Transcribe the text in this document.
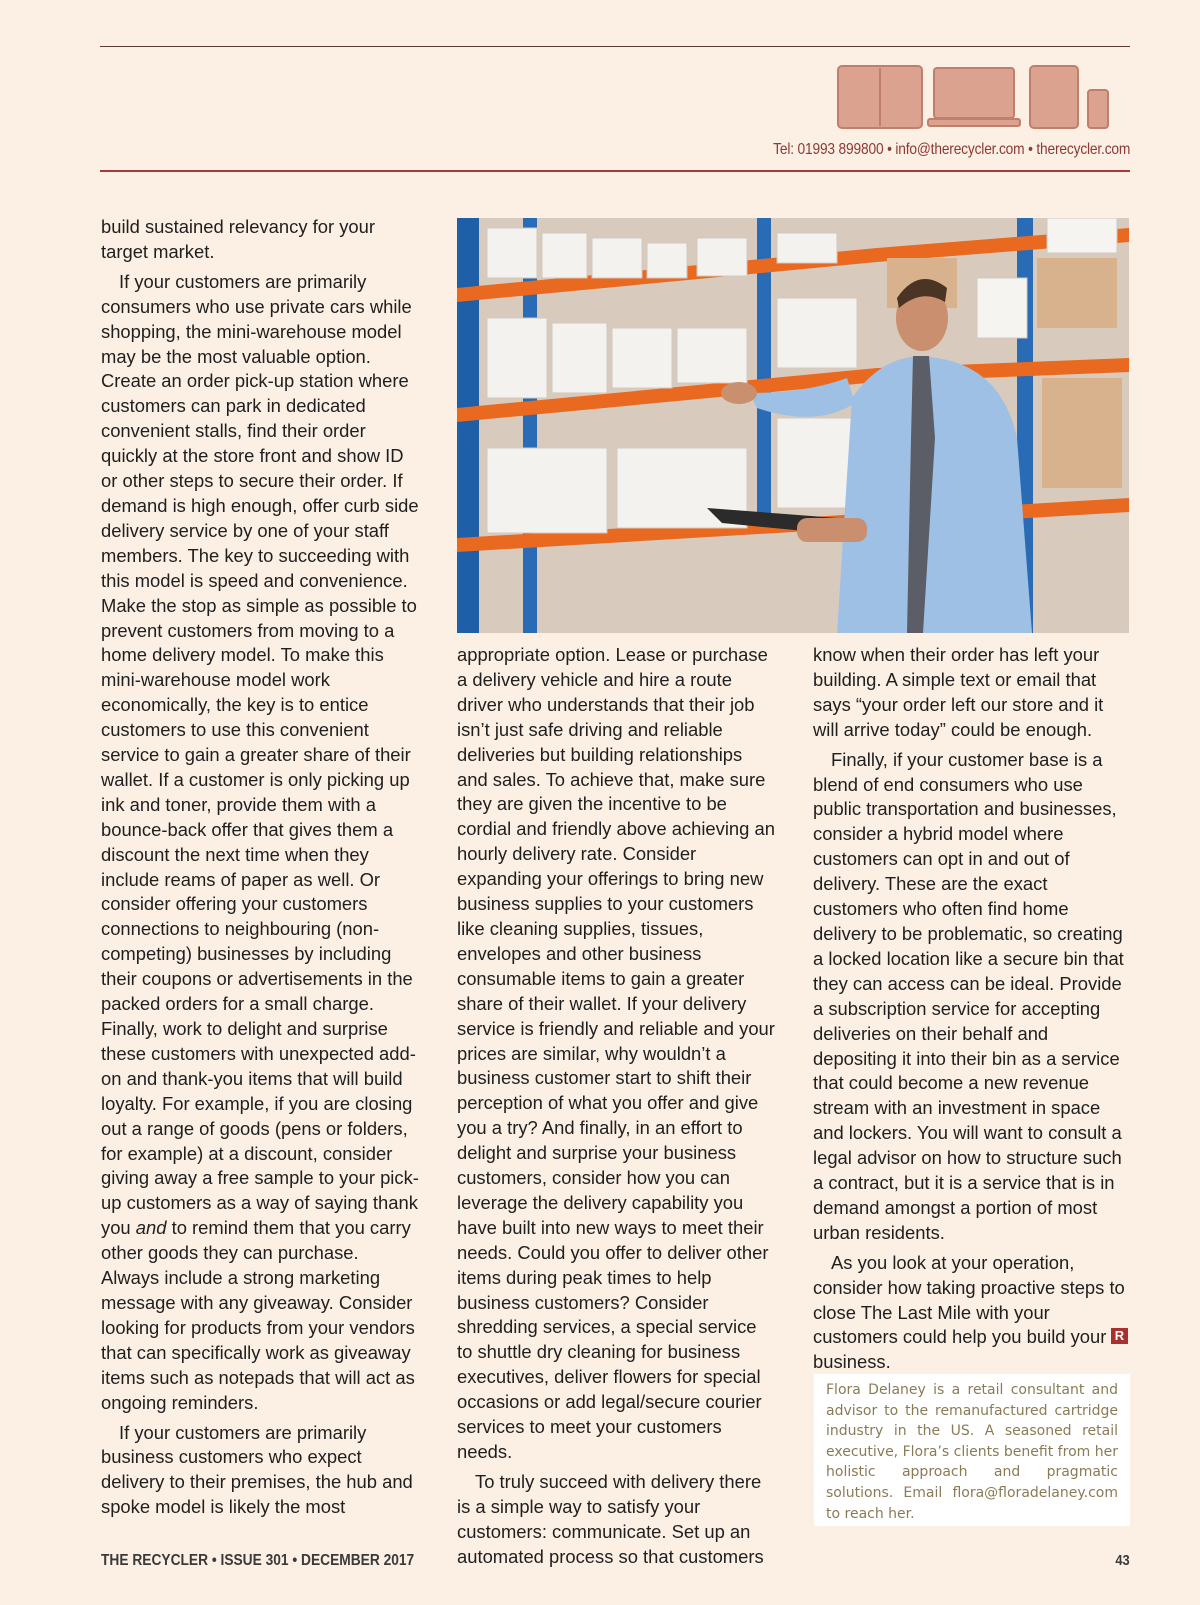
Tel: 01993 899800 • info@therecycler.com • therecycler.com

build sustained relevancy for your target market.

If your customers are primarily consumers who use private cars while shopping, the mini-warehouse model may be the most valuable option. Create an order pick-up station where customers can park in dedicated convenient stalls, find their order quickly at the store front and show ID or other steps to secure their order. If demand is high enough, offer curb side delivery service by one of your staff members. The key to succeeding with this model is speed and convenience. Make the stop as simple as possible to prevent customers from moving to a home delivery model. To make this mini-warehouse model work economically, the key is to entice customers to use this convenient service to gain a greater share of their wallet. If a customer is only picking up ink and toner, provide them with a bounce-back offer that gives them a discount the next time when they include reams of paper as well. Or consider offering your customers connections to neighbouring (non-competing) businesses by including their coupons or advertisements in the packed orders for a small charge. Finally, work to delight and surprise these customers with unexpected add-on and thank-you items that will build loyalty. For example, if you are closing out a range of goods (pens or folders, for example) at a discount, consider giving away a free sample to your pick-up customers as a way of saying thank you and to remind them that you carry other goods they can purchase. Always include a strong marketing message with any giveaway. Consider looking for products from your vendors that can specifically work as giveaway items such as notepads that will act as ongoing reminders.

If your customers are primarily business customers who expect delivery to their premises, the hub and spoke model is likely the most

appropriate option. Lease or purchase a delivery vehicle and hire a route driver who understands that their job isn’t just safe driving and reliable deliveries but building relationships and sales. To achieve that, make sure they are given the incentive to be cordial and friendly above achieving an hourly delivery rate. Consider expanding your offerings to bring new business supplies to your customers like cleaning supplies, tissues, envelopes and other business consumable items to gain a greater share of their wallet. If your delivery service is friendly and reliable and your prices are similar, why wouldn’t a business customer start to shift their perception of what you offer and give you a try? And finally, in an effort to delight and surprise your business customers, consider how you can leverage the delivery capability you have built into new ways to meet their needs. Could you offer to deliver other items during peak times to help business customers? Consider shredding services, a special service to shuttle dry cleaning for business executives, deliver flowers for special occasions or add legal/secure courier services to meet your customers needs.

To truly succeed with delivery there is a simple way to satisfy your customers: communicate. Set up an automated process so that customers

know when their order has left your building. A simple text or email that says “your order left our store and it will arrive today” could be enough.

Finally, if your customer base is a blend of end consumers who use public transportation and businesses, consider a hybrid model where customers can opt in and out of delivery. These are the exact customers who often find home delivery to be problematic, so creating a locked location like a secure bin that they can access can be ideal. Provide a subscription service for accepting deliveries on their behalf and depositing it into their bin as a service that could become a new revenue stream with an investment in space and lockers. You will want to consult a legal advisor on how to structure such a contract, but it is a service that is in demand amongst a portion of most urban residents.

As you look at your operation, consider how taking proactive steps to close The Last Mile with your customers could help you build your business.

R
Flora Delaney is a retail consultant and advisor to the remanufactured cartridge industry in the US. A seasoned retail executive, Flora’s clients benefit from her holistic approach and pragmatic solutions. Email flora@floradelaney.com to reach her.
THE RECYCLER • ISSUE 301 • DECEMBER 2017	43
